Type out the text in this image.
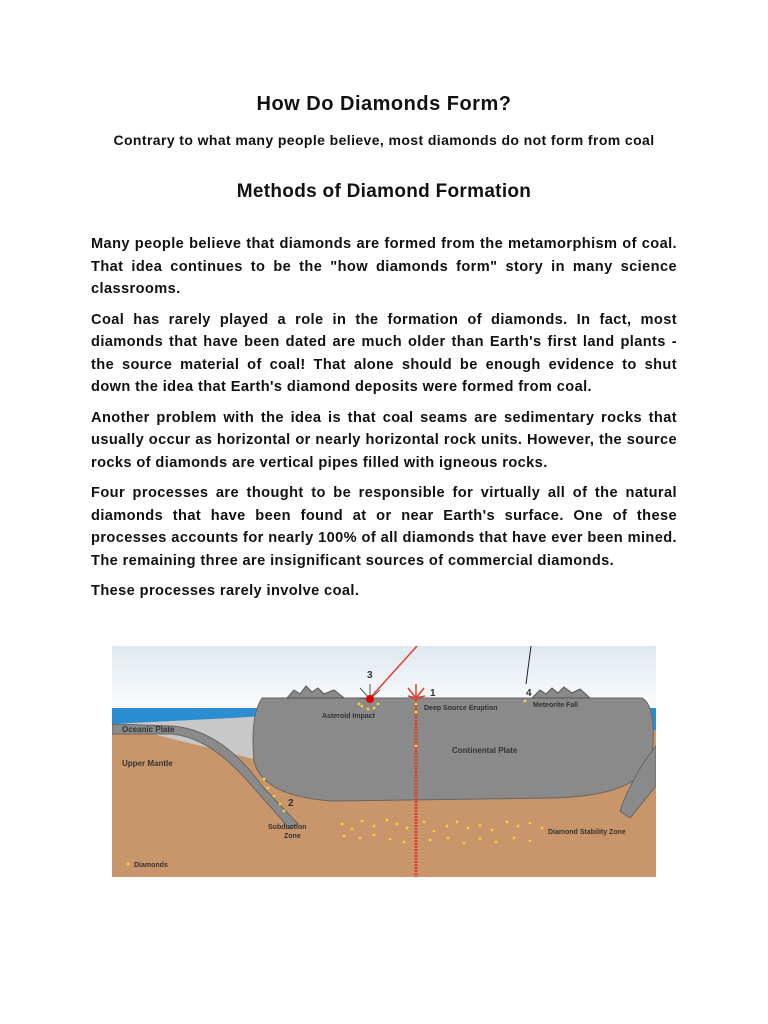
How Do Diamonds Form?
Contrary to what many people believe, most diamonds do not form from coal
Methods of Diamond Formation

Many people believe that diamonds are formed from the metamorphism of coal. That idea continues to be the "how diamonds form" story in many science classrooms.

Coal has rarely played a role in the formation of diamonds. In fact, most diamonds that have been dated are much older than Earth's first land plants - the source material of coal! That alone should be enough evidence to shut down the idea that Earth's diamond deposits were formed from coal.

Another problem with the idea is that coal seams are sedimentary rocks that usually occur as horizontal or nearly horizontal rock units. However, the source rocks of diamonds are vertical pipes filled with igneous rocks.

Four processes are thought to be responsible for virtually all of the natural diamonds that have been found at or near Earth's surface. One of these processes accounts for nearly 100% of all diamonds that have ever been mined. The remaining three are insignificant sources of commercial diamonds.

These processes rarely involve coal.

3
1	4
2
Asteroid Impact
Deep Source Eruption	Meteorite Fall
Oceanic Plate
Continental Plate
Upper Mantle
Subduction
Zone
Diamond Stability Zone
Diamonds
